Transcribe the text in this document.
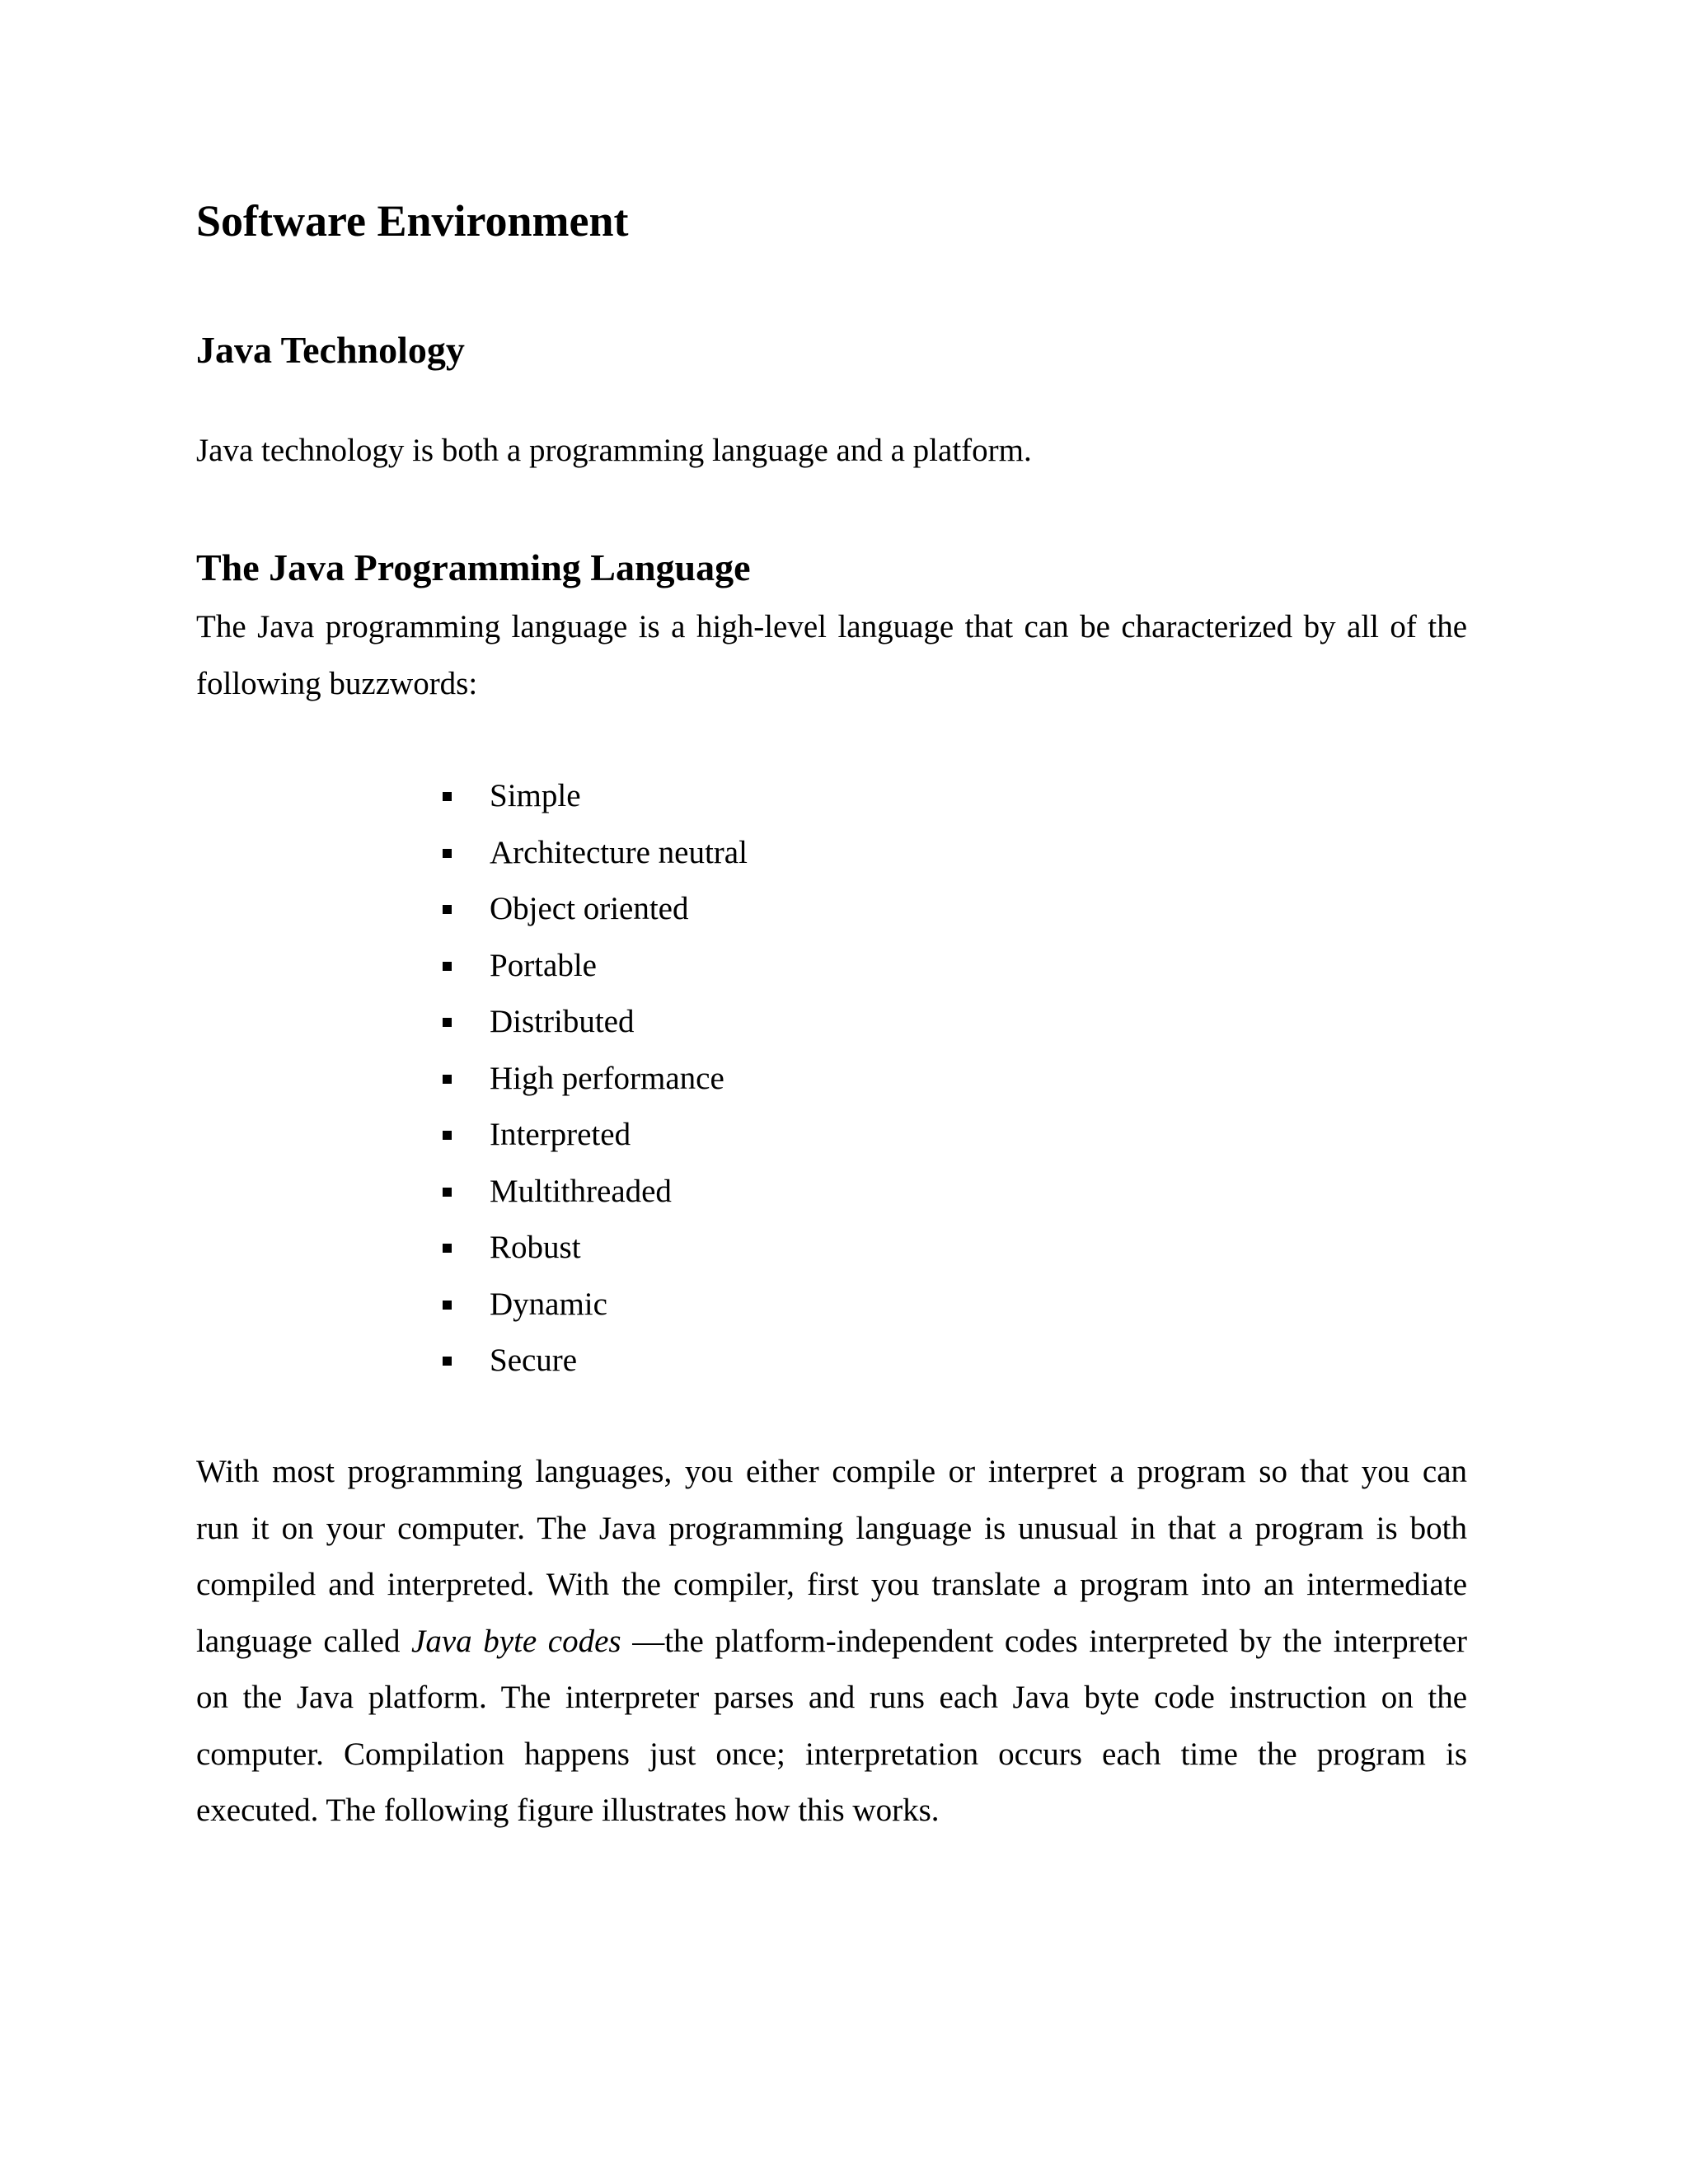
Software Environment
Java Technology

Java technology is both a programming language and a platform.

The Java Programming Language

The Java programming language is a high-level language that can be characterized by all of the
following buzzwords:

Simple
Architecture neutral
Object oriented
Portable
Distributed
High performance
Interpreted
Multithreaded
Robust
Dynamic
Secure

With most programming languages, you either compile or interpret a program so that you can
run it on your computer. The Java programming language is unusual in that a program is both
compiled and interpreted. With the compiler, first you translate a program into an intermediate
language called Java byte codes —the platform-independent codes interpreted by the interpreter
on the Java platform. The interpreter parses and runs each Java byte code instruction on the
computer. Compilation happens just once; interpretation occurs each time the program is
executed. The following figure illustrates how this works.
